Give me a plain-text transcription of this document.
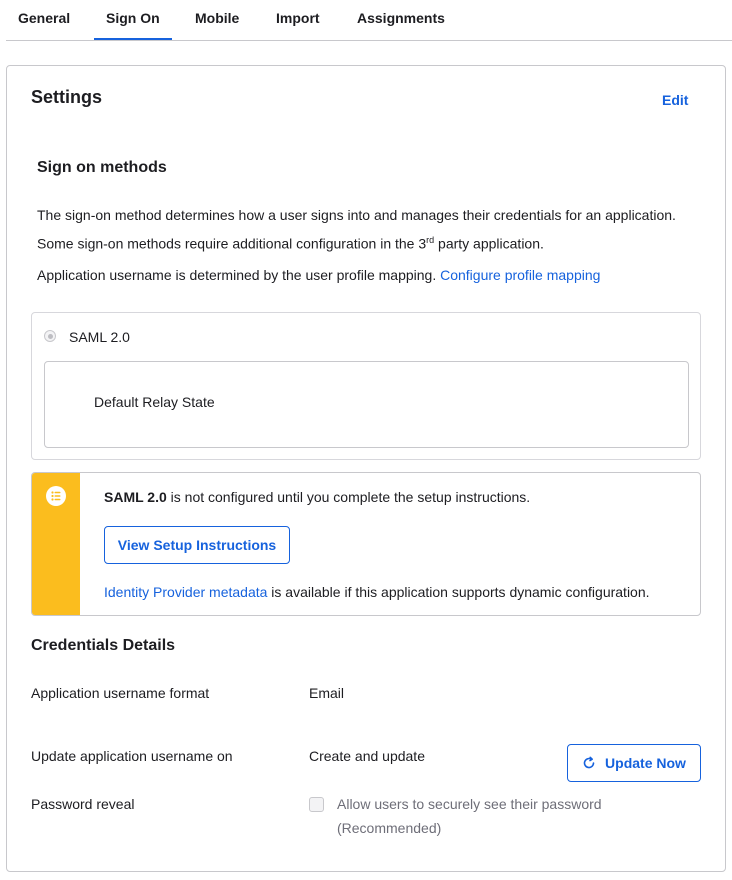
General	Sign On	Mobile	Import	Assignments
Settings	Edit
Sign on methods
The sign-on method determines how a user signs into and manages their credentials for an application. Some sign-on methods require additional configuration in the 3rd party application.
Application username is determined by the user profile mapping. Configure profile mapping
SAML 2.0
Default Relay State
SAML 2.0 is not configured until you complete the setup instructions.
View Setup Instructions
Identity Provider metadata is available if this application supports dynamic configuration.
Credentials Details
Application username format	Email
Update application username on	Create and update	Update Now
Password reveal	Allow users to securely see their password
(Recommended)
